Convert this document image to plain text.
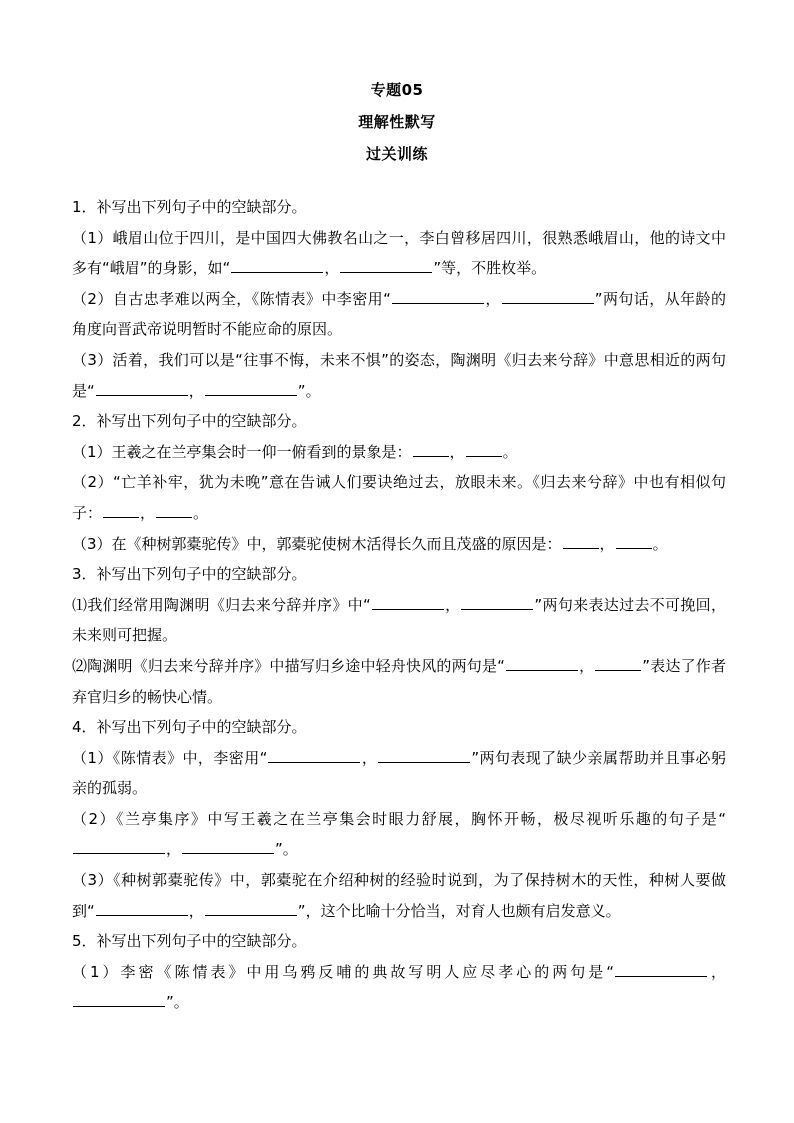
专题05
理解性默写
过关训练

1．补写出下列句子中的空缺部分。

（1）峨眉山位于四川，是中国四大佛教名山之一，李白曾移居四川，很熟悉峨眉山，他的诗文中多有“峨眉”的身影，如“	，	”等，不胜枚举。

（2）自古忠孝难以两全，《陈情表》中李密用“	，	”两句话，从年龄的角度向晋武帝说明暂时不能应命的原因。

（3）活着，我们可以是“往事不悔，未来不惧”的姿态，陶渊明《归去来兮辞》中意思相近的两句是“	，	”。

2．补写出下列句子中的空缺部分。

（1）王羲之在兰亭集会时一仰一俯看到的景象是：	，	。

（2）“亡羊补牢，犹为未晚”意在告诫人们要诀绝过去，放眼未来。《归去来兮辞》中也有相似句子：	，	。

（3）在《种树郭橐驼传》中，郭橐驼使树木活得长久而且茂盛的原因是：	，	。

3．补写出下列句子中的空缺部分。

⑴我们经常用陶渊明《归去来兮辞并序》中“	，	”两句来表达过去不可挽回，未来则可把握。

⑵陶渊明《归去来兮辞并序》中描写归乡途中轻舟快风的两句是“	，	”表达了作者弃官归乡的畅快心情。

4．补写出下列句子中的空缺部分。

（1）《陈情表》中，李密用“	，	”两句表现了缺少亲属帮助并且事必躬亲的孤弱。

（2）《兰亭集序》中写王羲之在兰亭集会时眼力舒展，胸怀开畅，极尽视听乐趣的句子是“，	”。

（3）《种树郭橐驼传》中，郭橐驼在介绍种树的经验时说到，为了保持树木的天性，种树人要做到“	，	”，这个比喻十分恰当，对育人也颇有启发意义。

5．补写出下列句子中的空缺部分。

（1）李密《陈情表》中用乌鸦反哺的典故写明人应尽孝心的两句是“	，”。
